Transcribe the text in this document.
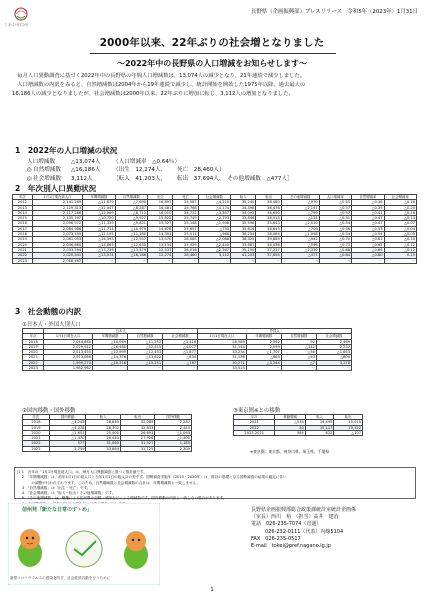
しあわせ信州
長野県（企画振興部）プレスリリース　令和5年（2023年）1月31日
2000年以来、22年ぶりの社会増となりました
～2022年中の長野県の人口増減をお知らせします～
　毎月人口異動調査に基づく2022年中の長野県の年間人口増減数は、13,074人の減少となり、21年連続で減少しました。
　人口増減数の内訳をみると、自然増減数は2004年から19年連続で減少し、統計開始を開始した1975年以降、過去最大の
16,186人の減少となりましたが、社会増減数は2000年以来、22年ぶりに増加に転じ、3,112人の増加となりました。
1　2022年の人口増減の状況
人口増減数	△13,074人 （人口増減率　△0.64％）
◎自然増減数 △16,186人 （出生　12,274人、 死亡　28,460人）
◎社会増減数 3,112人	［転入　41,203人、 転出　37,694人、　その他増減数　△477人］
2　年次別人口異動状況
年次	1月1日現在総人口	年間増減数	自然増減数	出生	死亡	社会増減数	転入	転出	その他増減数	人口増減率	自然増減率	社会増減率
2012	2,141,269	△11,879	△7,690	16,897	24,587	△4,210	35,240	38,480	△970	△0.55	△0.36	△0.20
2013	2,129,313	△12,047	△8,287	16,481	24,768	△4,174	34,498	36,476	△2,197	△0.57	△0.39	△0.20
2014	2,117,266	△12,069	△8,712	16,010	24,722	△3,357	34,092	36,650	△799	△0.57	△0.41	△0.16
2015	2,105,197	△10,720	△9,927	15,822	25,749	△2,793	33,846	36,515	△124	△0.51	△0.47	△0.13
2016	2,096,572	△11,339	△9,821	15,327	25,148	△1,508	35,596	35,643	△2,010	△0.54	△0.47	△0.07
2017	2,084,986	△11,714	△10,979	14,678	25,657	△735	35,616	36,645	△706	△0.56	△0.53	△0.04
2018	2,073,159	△11,105	△11,160	14,351	25,511	△966	38,254	38,084	△1,098	△0.54	△0.54	△0.05
2019	2,061,053	△14,393	△12,557	13,570	26,085	△2,088	38,325	39,889	△942	△0.70	△0.61	△0.10
2020	2,046,660	△14,865	△12,635	13,134	25,529	△2,440	33,687	36,436	△596	△0.73	△0.62	△0.12
2021	2,033,594	△13,736	△13,479	12,537	26,016	△2,367	35,150	37,217	△2,330	△0.68	△0.66	△0.12
2022	2,020,541	△13,074	△16,186	12,274	28,460	3,112	41,203	37,694	△477	△0.64	△0.80	0.15
2023	2,018,467	－	－	－	－	－	－	－	－	－	－	－
3　社会動態の内訳
①日本人・外国人別人口
	日本人				外国人			
年次	1月1日現在人口	年間増減数	自然増減数	社会増減数	1月1日現在人口	年間増減数	自然増減数	社会増減数
2018	2,044,680	△14,069	△11,252	△3,416	28,589	2,562	92	2,469
2019	2,029,912	△16,485	△12,415	△4,077	31,144	2,099	△142	2,237
2020	2,013,455	△12,999	△12,453	△1,877	33,234	△1,707	△56	△1,653
2021	2,013,066	△14,376	△13,622	△834	31,136	△863	△63	△800
2022	1,999,270	△10,316	△15,251	△787	30,271	△3,244	△7	3,278
2023	1,982,962	－	－	－	33,515	－	－	－
②国内移動・国外移動
年次	国内移動	転入	転出	国外移動
2018	△3,243	28,840	32,089	2,287
2019	△4,078	28,302	32,833	2,443
2020	△1,653	25,000	26,693	△1,063
2021	△1,470	26,440	27,926	△1,400
2022	577	31,060	31,527	1,185
2022	2,759	33,884	31,125	2,309
③東京圏※との移動
年次	移動増減	転入	転出
2021	△535	14,495	15,015
2022	50	15,117	15,122
2022-2021	585	622	△107
※東京圏：東京都、神奈川県、埼玉県、千葉県
注 1　各年の「1月1日現在総人口」は、毎月人口異動調査に基づく推計値です。
　 2　「年間増減数」は、前年1月1日の総人口と当年1月1日の総人口の差です。国勢調査実施年（2015・2020年）は、推計の基礎となる国勢調査の結果の確定に伴い
　　　　の調整が行われております。このため、自然増減数と社会増減数の合計は、年間増減数と一致しません。
　 3　「自然増減数」は「出生－死亡」です。
　 4　「社会増減数」は「転入－転出＋その他増減数」です。
　 5　「その他増減数」は、職権による住民票の記載・消除などによる増減数です。国内移動の内訳と一致しない場合があります。
信州発「新たな日常のすゝめ」
新型コロナウイルスの感染を防ぎ、社会経済活動を行うために
長野県企画振興部総合政策課統計室統計企画係
（室長）西川　裕　（担当）高井　建治
電話　026-235-7074（直通）
026-232-0111（代表）内線5104
FAX　026-235-0517
E-mail　tokei@pref.nagano.lg.jp
1
